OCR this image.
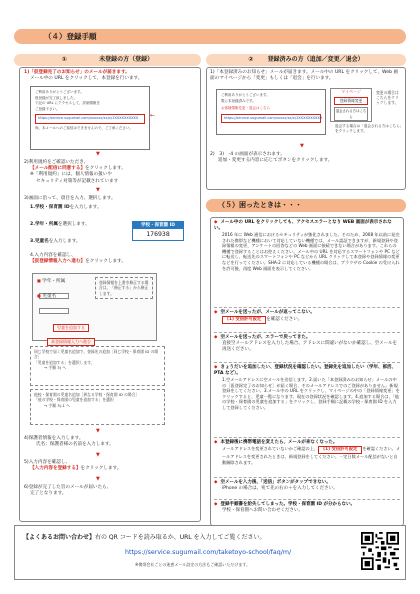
（４）登録手順
①	未登録の方（登録）
1)「仮登録完了のお知らせ」のメールが届きます。
メール中の URL をクリックして、本登録を行います。
ご利用ありがとうございます。
仮登録が完了致しました。
下記の URL にアクセスして、詳細情報を
ご登録下さい。
https://service.sugumail.com/xxxxxx/xx/x/1XXXXXXXXXX
尚、本メールへのご返信はできませんので、ご了承ください。
←
▼
2)利用規約をご確認いただき、
【メール配信に同意する】をクリックします。
※「利用規約」には、個人情報の扱いや
セキュリティ対策等が記載されています
▼
3)画面に沿って、項目を入力、選択します。
1.学校・保育園 IDを入力します。
2.学年・所属を選択します。
3.児童名を入力します。
学校・保育園 ID
176938
4.入力内容を確認し、
【仮登録情報入力へ進む】をクリックします。
■ 学年・所属
■ 児童名
登録情報を上書き修正する場合は、「修正する」から修正します。
児童を追加する
本登録情報入力へ進む
同じ学校で届く児童名追加で、登録先の追加［同じ学校・保育園 ID の場合］
「児童を追加する」を選択します。
→ 手順 3) へ
他校・保育園の児童名追加［異なる学校・保育園 ID の場合］
「他の学校・保育園の児童を追加する」を選択
→ 手順 3)-1 へ
▼
4)保護者情報を入力します。
氏名：保護者様の名前を入力します。
▼
5)入力内容を確認し、
【入力内容を登録する】をクリックします。
▼
6)登録が完了した旨のメールが届いたら、
完了となります。
② 登録済みの方（追加／変更／退会）
1)「本登録済みのお知らせ」メールが届きます。メール中の URL をクリックして、Web 画面のマイページから「変更」もしくは「退会」を行います。
ご利用ありがとうございます。
既に本登録済みです。
お客様情報変更・退会はこちら
https://service.sugumail.com/xxxxx/xx/x/1XXXXXXXXXX
マイページ
登録情報変更
退会される方はこちら
変更の場合はこちらをクリックします。
退会する場合は「退会される方はこちら」をクリックします。
▼
2)　3)　-4 の画面が表示されます。
追加・変更する内容に応じてボタンをクリックします。
（５）困ったときは・・・
◆ メール中の URL をクリックしても、アクセスエラーとなり WEB 画面が表示されない。
2016 年に Web 通信におけるセキュリティが強化されました。そのため、2008 年以前に発売された携帯など機種において対応していない機種では、メール認証できますが、新規登録や登録情報の変更、アンケートの回答などの Web 画面に接続できない場合があります。これらの機種で登録することはお控えください。メール中の URL を対応するスマートフォンや PC などに転送し、転送先のスマートフォンや PC などから URL クリックして本登録や登録情報の変更などを行ってください。SHA-2 に対応している機種の場合は、ブラウザの Cookie の受け入れを許可後、再度 Web 画面を表示してください。
◆ 空メールを送ったが、メールが返ってこない。
(1) 受信許可設定 を確認ください。
◆ 空メールを送ったが、エラーで戻ってきた。
直接空メールアドレスを入力した場合、アドレスに間違いがないか確認し、空メールを再送ください。
◆ きょうだいを追加したい、登録状況を確認したい。登録先を追加したい（学年、部活、PTA など）。
1.空メールアドレスに空メールを送信します。2.届いた「本登録済みのお知らせ」メールの中の［仮登録完了のお知らせ］が届く場合、そのメールアドレスでのご登録がありません。新規登録をしてください。3.メール中の URL をクリックし、マイページの中の「登録情報変更」をクリックすると、児童一覧になります。現在の登録状況を確認します。4.追加する場合は、「他の学校・保育園の児童を追加する」をクリックし、登録手順に記載の学校・保育園 ID を入力して登録してください。
◆ 本登録後に携帯電話を変えたら、メールが来なくなった。
メールアドレスを変更されていないかご確認の上、 (1) 受信許可設定 を確認ください。メールアドレスを変更されたときは、新規登録をしてください。一定日数メール配信がないと自動解除されます。
◆ 空メールを入力後、「送信」ボタンがタップできない。
iPhone の場合は、宛て先の右の＋を入力してください。
◆ 登録手順書を紛失してしまった。学校・保育園 ID が分からない。
学校・保育園へお問い合わせください。
【よくあるお問い合わせ】右の QR コードを読み取るか、URL を入力してご覧ください。
https://service.sugumail.com/taketoyo-school/faq/m/
※携帯会社ごとの迷惑メール設定の方法もご確認いただけます。
